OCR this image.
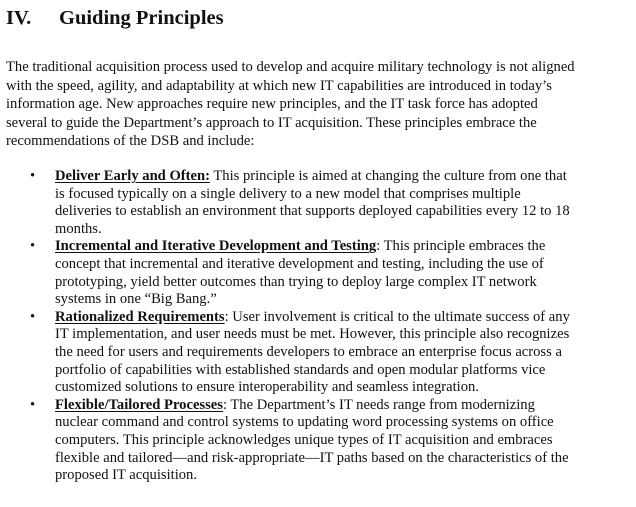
IV. Guiding Principles

The traditional acquisition process used to develop and acquire military technology is not aligned
with the speed, agility, and adaptability at which new IT capabilities are introduced in today’s
information age. New approaches require new principles, and the IT task force has adopted
several to guide the Department’s approach to IT acquisition. These principles embrace the
recommendations of the DSB and include:

• Deliver Early and Often: This principle is aimed at changing the culture from one that
is focused typically on a single delivery to a new model that comprises multiple
deliveries to establish an environment that supports deployed capabilities every 12 to 18
months.
• Incremental and Iterative Development and Testing: This principle embraces the
concept that incremental and iterative development and testing, including the use of
prototyping, yield better outcomes than trying to deploy large complex IT network
systems in one “Big Bang.”
• Rationalized Requirements: User involvement is critical to the ultimate success of any
IT implementation, and user needs must be met. However, this principle also recognizes
the need for users and requirements developers to embrace an enterprise focus across a
portfolio of capabilities with established standards and open modular platforms vice
customized solutions to ensure interoperability and seamless integration.
• Flexible/Tailored Processes: The Department’s IT needs range from modernizing
nuclear command and control systems to updating word processing systems on office
computers. This principle acknowledges unique types of IT acquisition and embraces
flexible and tailored—and risk-appropriate—IT paths based on the characteristics of the
proposed IT acquisition.
